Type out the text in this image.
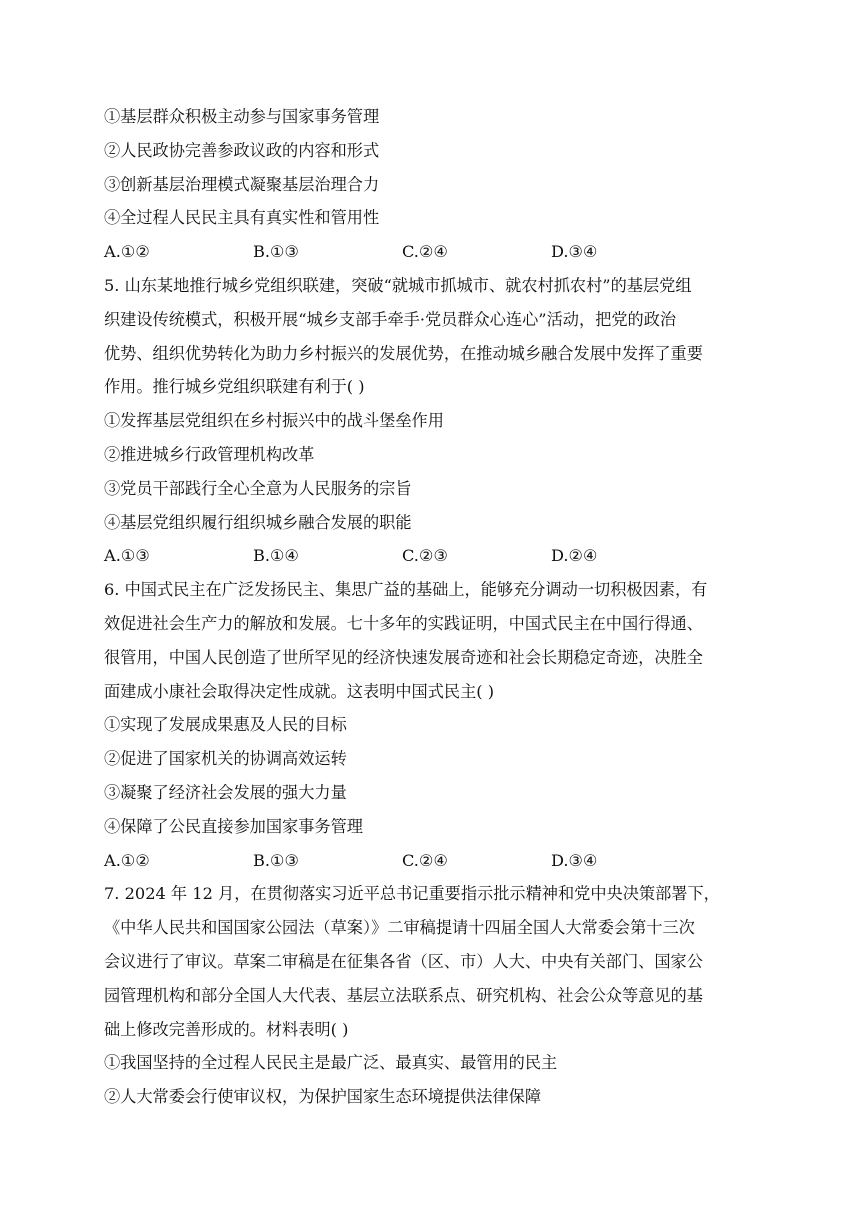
①基层群众积极主动参与国家事务管理
②人民政协完善参政议政的内容和形式
③创新基层治理模式凝聚基层治理合力
④全过程人民民主具有真实性和管用性
A.①②	B.①③	C.②④	D.③④
5. 山东某地推行城乡党组织联建，突破“就城市抓城市、就农村抓农村”的基层党组
织建设传统模式，积极开展“城乡支部手牵手·党员群众心连心”活动，把党的政治
优势、组织优势转化为助力乡村振兴的发展优势，在推动城乡融合发展中发挥了重要
作用。推行城乡党组织联建有利于( )
①发挥基层党组织在乡村振兴中的战斗堡垒作用
②推进城乡行政管理机构改革
③党员干部践行全心全意为人民服务的宗旨
④基层党组织履行组织城乡融合发展的职能
A.①③	B.①④	C.②③	D.②④
6. 中国式民主在广泛发扬民主、集思广益的基础上，能够充分调动一切积极因素，有
效促进社会生产力的解放和发展。七十多年的实践证明，中国式民主在中国行得通、
很管用，中国人民创造了世所罕见的经济快速发展奇迹和社会长期稳定奇迹，决胜全
面建成小康社会取得决定性成就。这表明中国式民主( )
①实现了发展成果惠及人民的目标
②促进了国家机关的协调高效运转
③凝聚了经济社会发展的强大力量
④保障了公民直接参加国家事务管理
A.①②	B.①③	C.②④	D.③④
7. 2024 年 12 月，在贯彻落实习近平总书记重要指示批示精神和党中央决策部署下，
《中华人民共和国国家公园法（草案）》二审稿提请十四届全国人大常委会第十三次
会议进行了审议。草案二审稿是在征集各省（区、市）人大、中央有关部门、国家公
园管理机构和部分全国人大代表、基层立法联系点、研究机构、社会公众等意见的基
础上修改完善形成的。材料表明( )
①我国坚持的全过程人民民主是最广泛、最真实、最管用的民主
②人大常委会行使审议权，为保护国家生态环境提供法律保障
